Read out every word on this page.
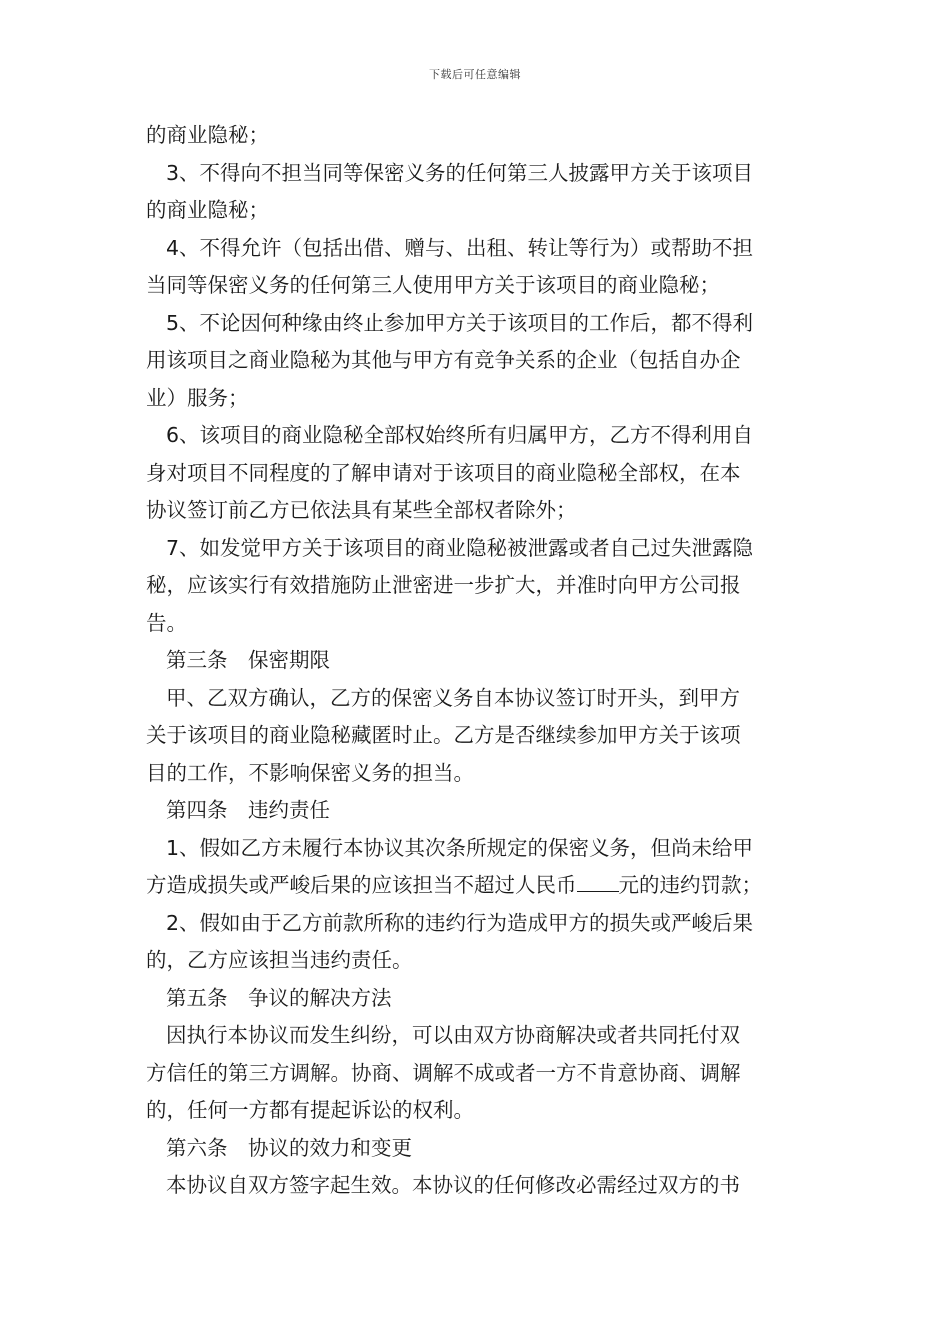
下载后可任意编辑
的商业隐秘；
3、不得向不担当同等保密义务的任何第三人披露甲方关于该项目
的商业隐秘；
4、不得允许（包括出借、赠与、出租、转让等行为）或帮助不担
当同等保密义务的任何第三人使用甲方关于该项目的商业隐秘；
5、不论因何种缘由终止参加甲方关于该项目的工作后，都不得利
用该项目之商业隐秘为其他与甲方有竞争关系的企业（包括自办企
业）服务；
6、该项目的商业隐秘全部权始终所有归属甲方，乙方不得利用自
身对项目不同程度的了解申请对于该项目的商业隐秘全部权，在本
协议签订前乙方已依法具有某些全部权者除外；
7、如发觉甲方关于该项目的商业隐秘被泄露或者自己过失泄露隐
秘，应该实行有效措施防止泄密进一步扩大，并准时向甲方公司报
告。
第三条　保密期限
甲、乙双方确认，乙方的保密义务自本协议签订时开头，到甲方
关于该项目的商业隐秘藏匿时止。乙方是否继续参加甲方关于该项
目的工作，不影响保密义务的担当。
第四条　违约责任
1、假如乙方未履行本协议其次条所规定的保密义务，但尚未给甲
方造成损失或严峻后果的应该担当不超过人民币 元的违约罚款；
2、假如由于乙方前款所称的违约行为造成甲方的损失或严峻后果
的，乙方应该担当违约责任。
第五条　争议的解决方法
因执行本协议而发生纠纷，可以由双方协商解决或者共同托付双
方信任的第三方调解。协商、调解不成或者一方不肯意协商、调解
的，任何一方都有提起诉讼的权利。
第六条　协议的效力和变更
本协议自双方签字起生效。本协议的任何修改必需经过双方的书
